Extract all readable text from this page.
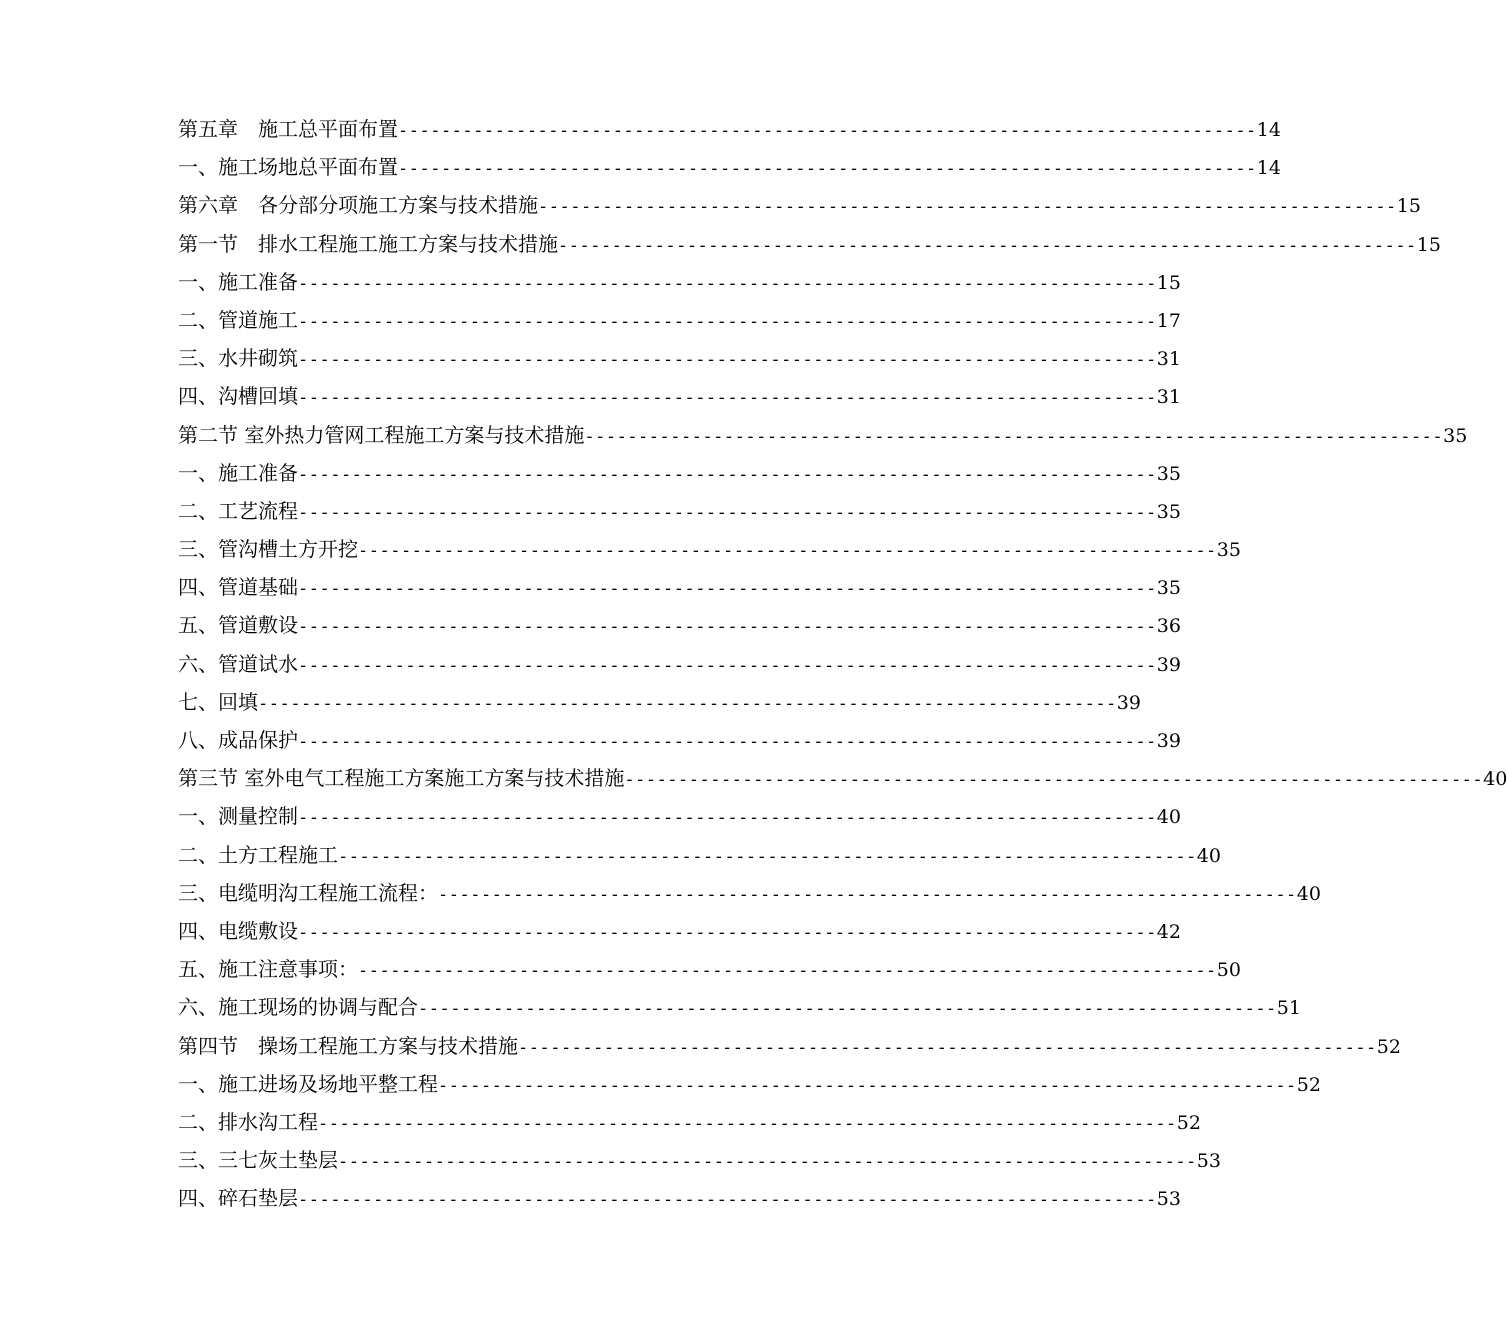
第五章　施工总平面布置 -------------------------------------------------------------------------------- 14
一、施工场地总平面布置 -------------------------------------------------------------------------------- 14
第六章　各分部分项施工方案与技术措施 -------------------------------------------------------------------------------- 15
第一节　排水工程施工施工方案与技术措施 -------------------------------------------------------------------------------- 15
一、施工准备 -------------------------------------------------------------------------------- 15
二、管道施工 -------------------------------------------------------------------------------- 17
三、水井砌筑 -------------------------------------------------------------------------------- 31
四、沟槽回填 -------------------------------------------------------------------------------- 31
第二节 室外热力管网工程施工方案与技术措施 -------------------------------------------------------------------------------- 35
一、施工准备 -------------------------------------------------------------------------------- 35
二、工艺流程 -------------------------------------------------------------------------------- 35
三、管沟槽土方开挖 -------------------------------------------------------------------------------- 35
四、管道基础 -------------------------------------------------------------------------------- 35
五、管道敷设 -------------------------------------------------------------------------------- 36
六、管道试水 -------------------------------------------------------------------------------- 39
七、回填 -------------------------------------------------------------------------------- 39
八、成品保护 -------------------------------------------------------------------------------- 39
第三节 室外电气工程施工方案施工方案与技术措施 -------------------------------------------------------------------------------- 40
一、测量控制 -------------------------------------------------------------------------------- 40
二、土方工程施工 -------------------------------------------------------------------------------- 40
三、电缆明沟工程施工流程： -------------------------------------------------------------------------------- 40
四、电缆敷设 -------------------------------------------------------------------------------- 42
五、施工注意事项： -------------------------------------------------------------------------------- 50
六、施工现场的协调与配合 -------------------------------------------------------------------------------- 51
第四节　操场工程施工方案与技术措施 -------------------------------------------------------------------------------- 52
一、施工进场及场地平整工程 -------------------------------------------------------------------------------- 52
二、排水沟工程 -------------------------------------------------------------------------------- 52
三、三七灰土垫层 -------------------------------------------------------------------------------- 53
四、碎石垫层 -------------------------------------------------------------------------------- 53
